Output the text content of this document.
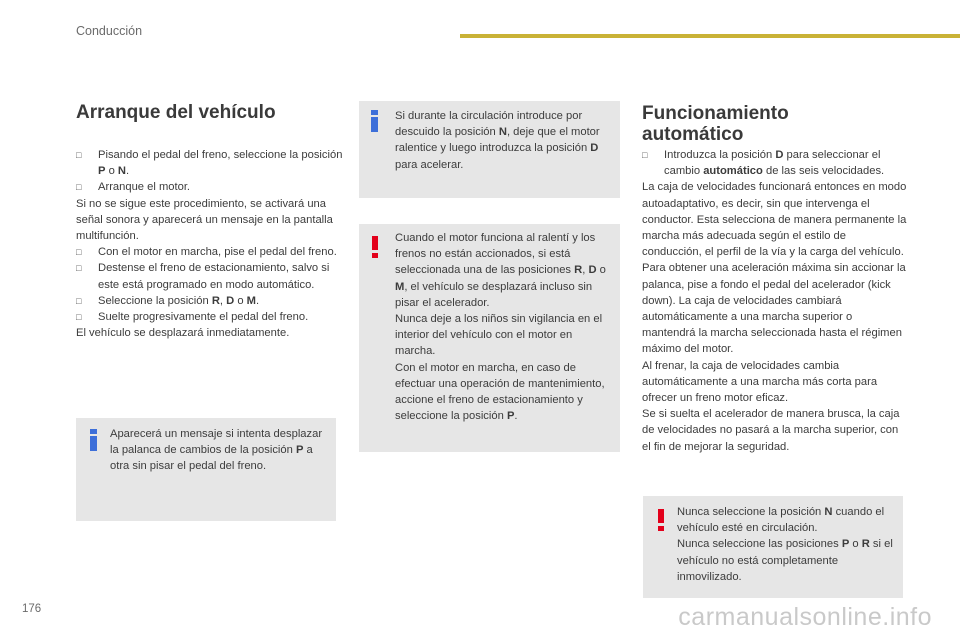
Conducción
Arranque del vehículo
□ Pisando el pedal del freno, seleccione la posición P o N.
□ Arranque el motor.
Si no se sigue este procedimiento, se activará una señal sonora y aparecerá un mensaje en la pantalla multifunción.
□ Con el motor en marcha, pise el pedal del freno.
□ Destense el freno de estacionamiento, salvo si este está programado en modo automático.
□ Seleccione la posición R, D o M.
□ Suelte progresivamente el pedal del freno.
El vehículo se desplazará inmediatamente.
Aparecerá un mensaje si intenta desplazar la palanca de cambios de la posición P a otra sin pisar el pedal del freno.
Si durante la circulación introduce por descuido la posición N, deje que el motor ralentice y luego introduzca la posición D para acelerar.

Cuando el motor funciona al ralentí y los frenos no están accionados, si está seleccionada una de las posiciones R, D o M, el vehículo se desplazará incluso sin pisar el acelerador.

Nunca deje a los niños sin vigilancia en el interior del vehículo con el motor en marcha.

Con el motor en marcha, en caso de efectuar una operación de mantenimiento, accione el freno de estacionamiento y seleccione la posición P.

Funcionamiento
automático
□ Introduzca la posición D para seleccionar el cambio automático de las seis velocidades.
La caja de velocidades funcionará entonces en modo autoadaptativo, es decir, sin que intervenga el conductor. Esta selecciona de manera permanente la marcha más adecuada según el estilo de conducción, el perfil de la vía y la carga del vehículo.
Para obtener una aceleración máxima sin accionar la palanca, pise a fondo el pedal del acelerador (kick down). La caja de velocidades cambiará automáticamente a una marcha superior o mantendrá la marcha seleccionada hasta el régimen máximo del motor.
Al frenar, la caja de velocidades cambia automáticamente a una marcha más corta para ofrecer un freno motor eficaz.
Se si suelta el acelerador de manera brusca, la caja de velocidades no pasará a la marcha superior, con el fin de mejorar la seguridad.

Nunca seleccione la posición N cuando el vehículo esté en circulación.

Nunca seleccione las posiciones P o R si el vehículo no está completamente inmovilizado.

176	carmanualsonline.info
